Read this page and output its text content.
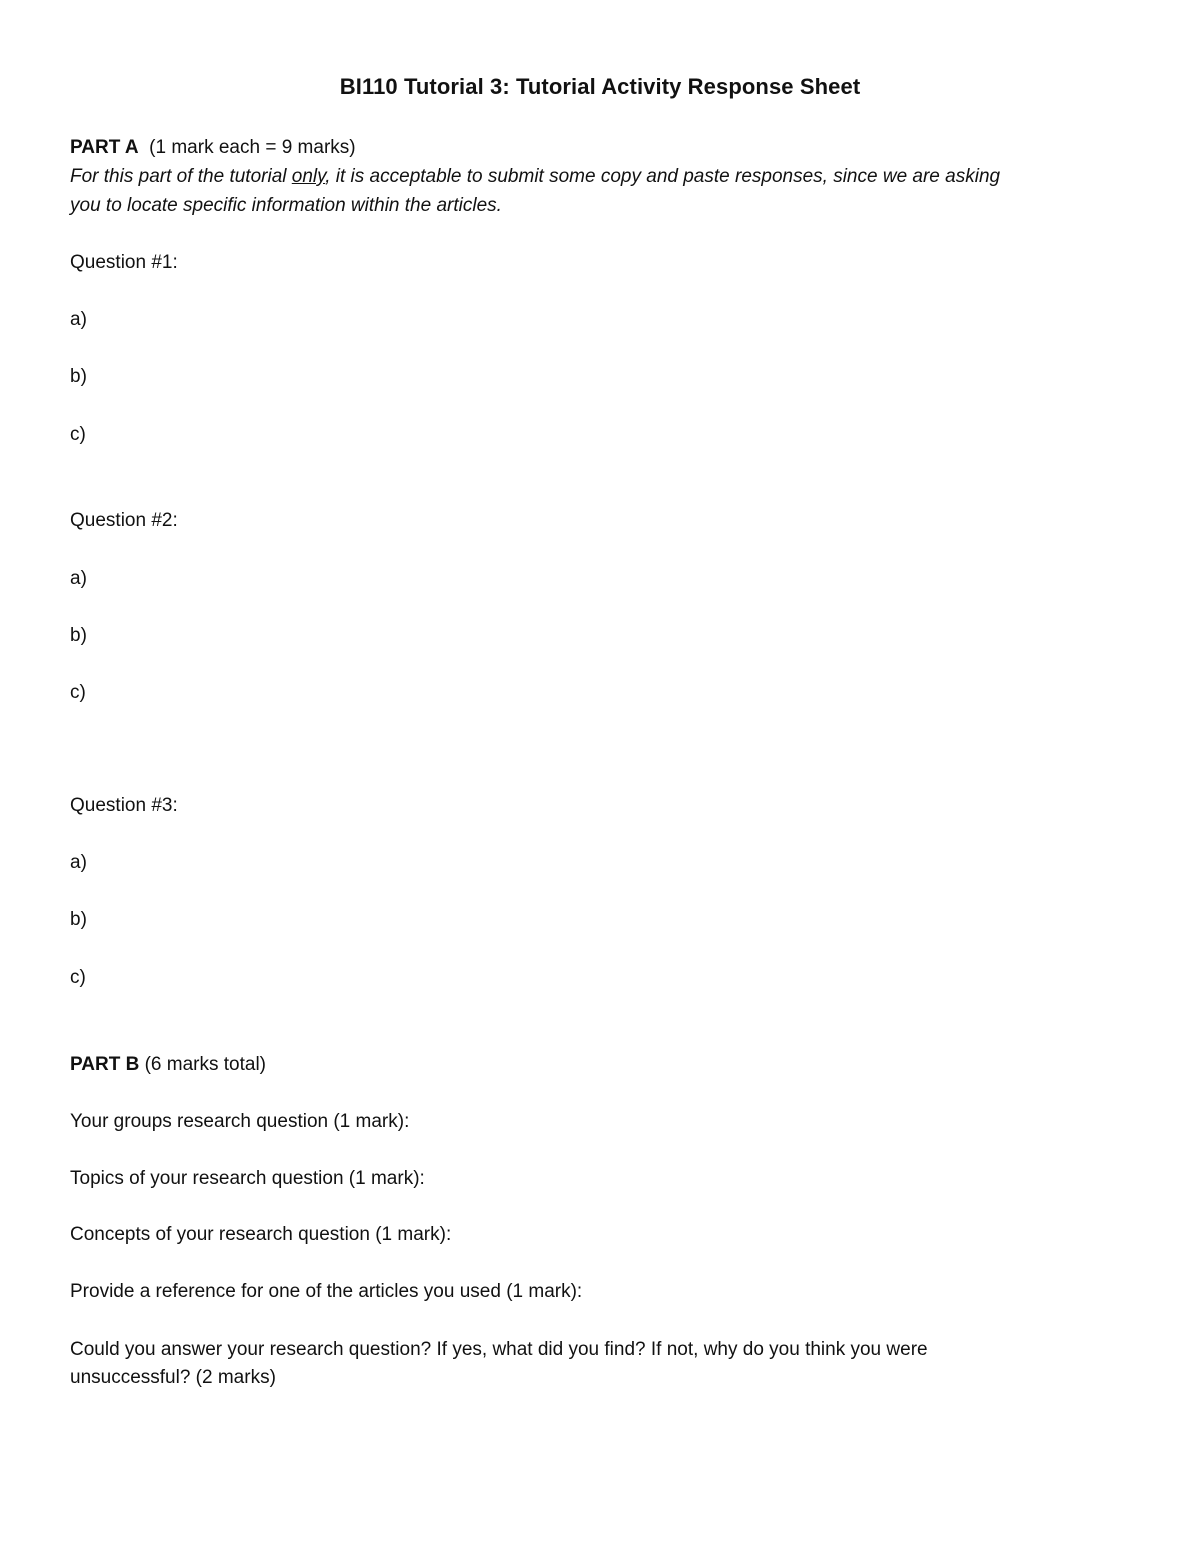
BI110 Tutorial 3: Tutorial Activity Response Sheet
PART A (1 mark each = 9 marks)
For this part of the tutorial only, it is acceptable to submit some copy and paste responses, since we are asking
you to locate specific information within the articles.
Question #1:
a)
b)
c)
Question #2:
a)
b)
c)
Question #3:
a)
b)
c)
PART B (6 marks total)
Your groups research question (1 mark):
Topics of your research question (1 mark):
Concepts of your research question (1 mark):
Provide a reference for one of the articles you used (1 mark):
Could you answer your research question? If yes, what did you find? If not, why do you think you were
unsuccessful? (2 marks)
